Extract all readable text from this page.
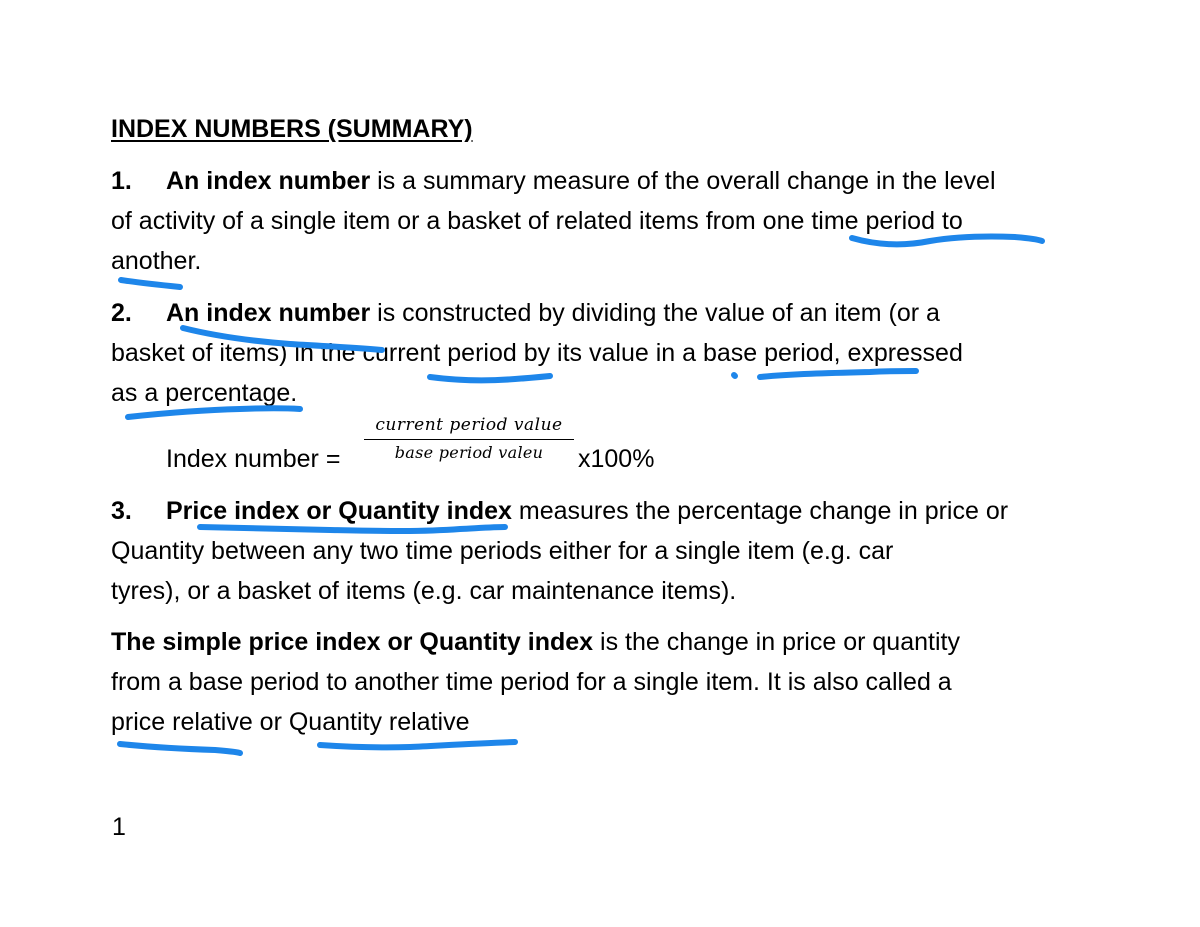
INDEX NUMBERS (SUMMARY)
1. An index number is a summary measure of the overall change in the level
of activity of a single item or a basket of related items from one time period to
another.
2. An index number is constructed by dividing the value of an item (or a
basket of items) in the current period by its value in a base period, expressed
as a percentage.
Index number =
current period value
base period valeu	x100%
3. Price index or Quantity index measures the percentage change in price or
Quantity between any two time periods either for a single item (e.g. car
tyres), or a basket of items (e.g. car maintenance items).
The simple price index or Quantity index is the change in price or quantity
from a base period to another time period for a single item. It is also called a
price relative or Quantity relative
1
